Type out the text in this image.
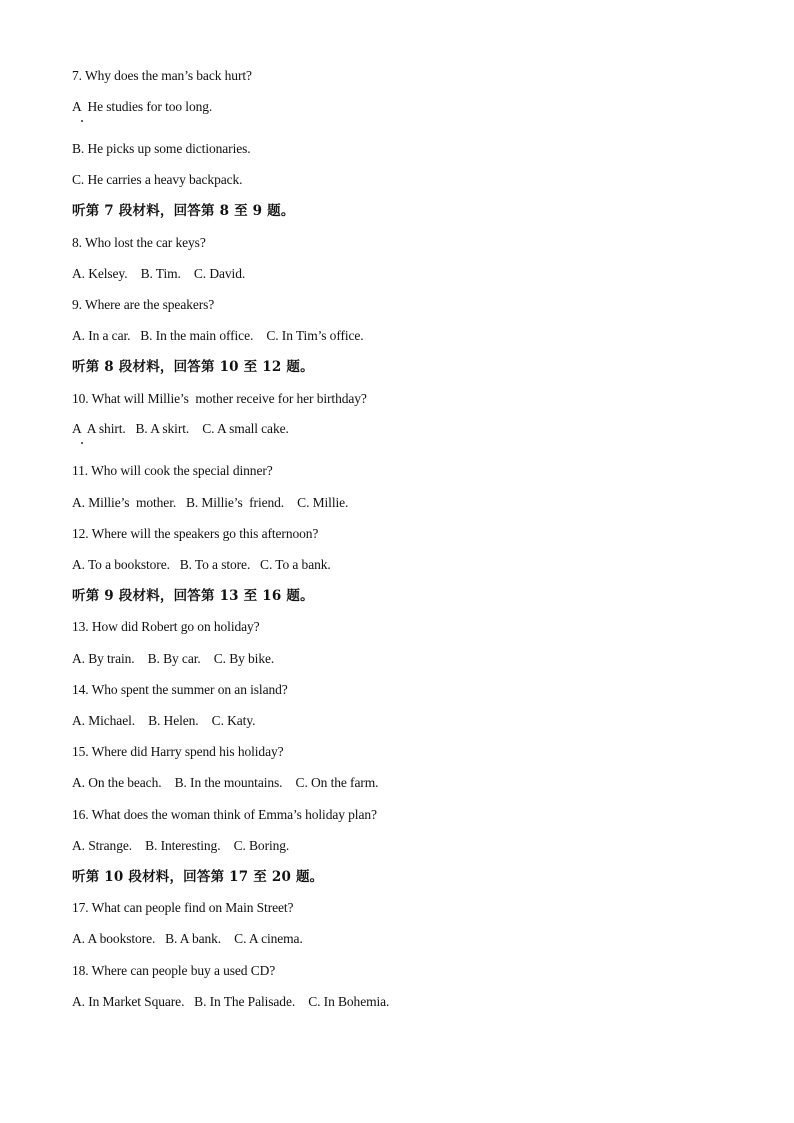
7. Why does the man’s back hurt?
A  He studies for too long.
B. He picks up some dictionaries.
C. He carries a heavy backpack.
听第 7 段材料，回答第 8 至 9 题。
8. Who lost the car keys?
A. Kelsey.    B. Tim.    C. David.
9. Where are the speakers?
A. In a car.   B. In the main office.    C. In Tim’s office.
听第 8 段材料，回答第 10 至 12 题。
10. What will Millie’s  mother receive for her birthday?
A  A shirt.   B. A skirt.    C. A small cake.
11. Who will cook the special dinner?
A. Millie’s  mother.   B. Millie’s  friend.    C. Millie.
12. Where will the speakers go this afternoon?
A. To a bookstore.   B. To a store.   C. To a bank.
听第 9 段材料，回答第 13 至 16 题。
13. How did Robert go on holiday?
A. By train.    B. By car.    C. By bike.
14. Who spent the summer on an island?
A. Michael.    B. Helen.    C. Katy.
15. Where did Harry spend his holiday?
A. On the beach.    B. In the mountains.    C. On the farm.
16. What does the woman think of Emma’s holiday plan?
A. Strange.    B. Interesting.    C. Boring.
听第 10 段材料，回答第 17 至 20 题。
17. What can people find on Main Street?
A. A bookstore.   B. A bank.    C. A cinema.
18. Where can people buy a used CD?
A. In Market Square.   B. In The Palisade.    C. In Bohemia.
